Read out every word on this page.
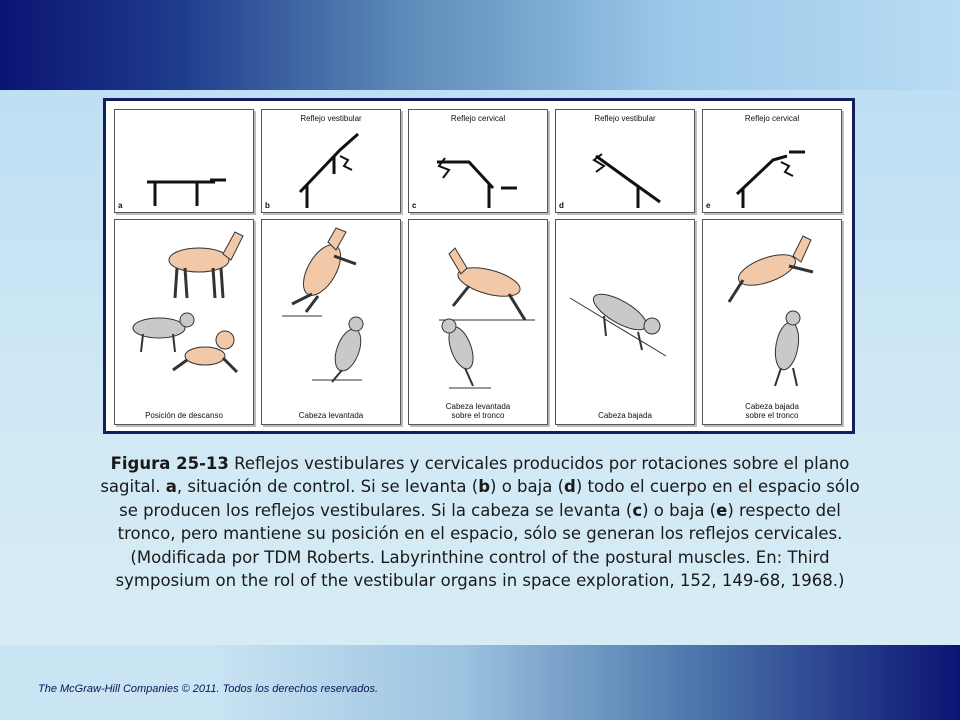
a
Reflejo vestibular
b
Reflejo cervical
c
Reflejo vestibular
d
Reflejo cervical
e
Posición de descanso	Cabeza levantada
Cabeza levantada
sobre el tronco	Cabeza bajada
Cabeza bajada
sobre el tronco
Figura 25-13 Reflejos vestibulares y cervicales producidos por rotaciones sobre el plano sagital. a, situación de control. Si se levanta (b) o baja (d) todo el cuerpo en el espacio sólo se producen los reflejos vestibulares. Si la cabeza se levanta (c) o baja (e) respecto del tronco, pero mantiene su posición en el espacio, sólo se generan los reflejos cervicales. (Modificada por TDM Roberts. Labyrinthine control of the postural muscles. En: Third symposium on the rol of the vestibular organs in space exploration, 152, 149-68, 1968.)
The McGraw-Hill Companies © 2011. Todos los derechos reservados.
